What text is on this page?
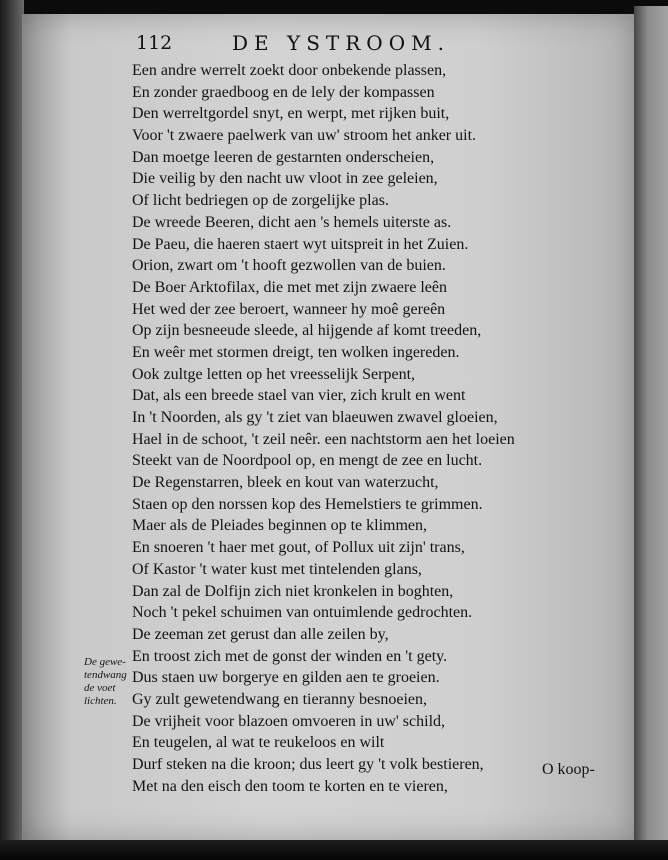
112	DE YSTROOM.
Een andre werrelt zoekt door onbekende plassen,
En zonder graedboog en de lely der kompassen
Den werreltgordel snyt, en werpt, met rijken buit,
Voor 't zwaere paelwerk van uw' stroom het anker uit.
Dan moetge leeren de gestarnten onderscheien,
Die veilig by den nacht uw vloot in zee geleien,
Of licht bedriegen op de zorgelijke plas.
De wreede Beeren, dicht aen 's hemels uiterste as.
De Paeu, die haeren staert wyt uitspreit in het Zuien.
Orion, zwart om 't hooft gezwollen van de buien.
De Boer Arktofilax, die met met zijn zwaere leên
Het wed der zee beroert, wanneer hy moê gereên
Op zijn besneeude sleede, al hijgende af komt treeden,
En weêr met stormen dreigt, ten wolken ingereden.
Ook zultge letten op het vreesselijk Serpent,
Dat, als een breede stael van vier, zich krult en went
In 't Noorden, als gy 't ziet van blaeuwen zwavel gloeien,
Hael in de schoot, 't zeil neêr. een nachtstorm aen het loeien
Steekt van de Noordpool op, en mengt de zee en lucht.
De Regenstarren, bleek en kout van waterzucht,
Staen op den norssen kop des Hemelstiers te grimmen.
Maer als de Pleiades beginnen op te klimmen,
En snoeren 't haer met gout, of Pollux uit zijn' trans,
Of Kastor 't water kust met tintelenden glans,
Dan zal de Dolfijn zich niet kronkelen in boghten,
Noch 't pekel schuimen van ontuimlende gedrochten.
De zeeman zet gerust dan alle zeilen by,
En troost zich met de gonst der winden en 't gety.
Dus staen uw borgerye en gilden aen te groeien.
Gy zult gewetendwang en tieranny besnoeien,
De vrijheit voor blazoen omvoeren in uw' schild,
En teugelen, al wat te reukeloos en wilt
Durf steken na die kroon; dus leert gy 't volk bestieren,
Met na den eisch den toom te korten en te vieren,
De gewe-
tendwang
de voet
lichten.
O koop-
